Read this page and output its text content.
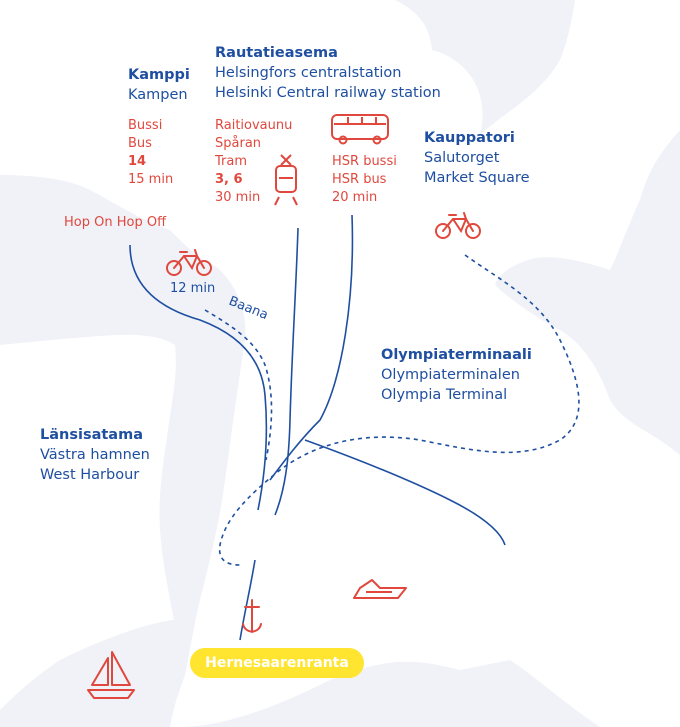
Baana
Rautatieasema
Helsingfors centralstation
Helsinki Central railway station
Kamppi
Kampen
Kauppatori
Salutorget
Market Square
Olympiaterminaali
Olympiaterminalen
Olympia Terminal
Länsisatama
Västra hamnen
West Harbour
Bussi
Bus
14
15 min
Raitiovaunu
Spåran
Tram
3, 6
30 min
HSR bussi
HSR bus
20 min
Hop On Hop Off
12 min
Hernesaarenranta
